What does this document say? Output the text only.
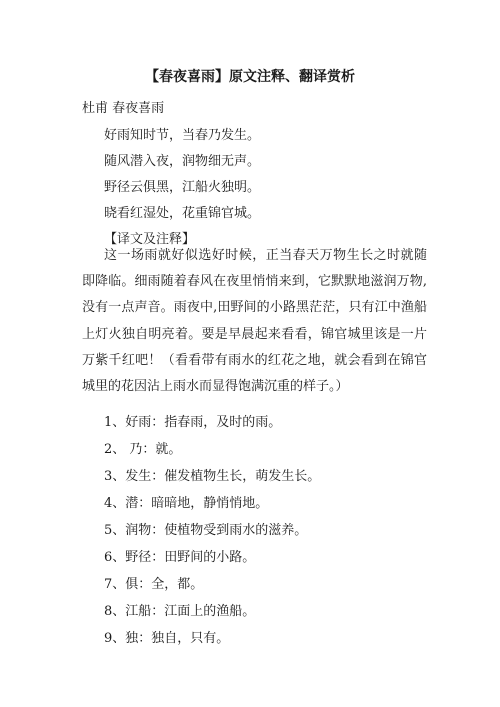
【春夜喜雨】原文注释、翻译赏析
杜甫 春夜喜雨
好雨知时节，当春乃发生。
随风潜入夜，润物细无声。
野径云俱黑，江船火独明。
晓看红湿处，花重锦官城。
【译文及注释】
这一场雨就好似选好时候，正当春天万物生长之时就随即降临。细雨随着春风在夜里悄悄来到，它默默地滋润万物,没有一点声音。雨夜中,田野间的小路黑茫茫，只有江中渔船上灯火独自明亮着。要是早晨起来看看，锦官城里该是一片万紫千红吧！（看看带有雨水的红花之地，就会看到在锦官城里的花因沾上雨水而显得饱满沉重的样子。）
1、好雨：指春雨，及时的雨。
2、 乃：就。
3、发生：催发植物生长，萌发生长。
4、潜：暗暗地，静悄悄地。
5、润物：使植物受到雨水的滋养。
6、野径：田野间的小路。
7、俱：全，都。
8、江船：江面上的渔船。
9、独：独自，只有。
